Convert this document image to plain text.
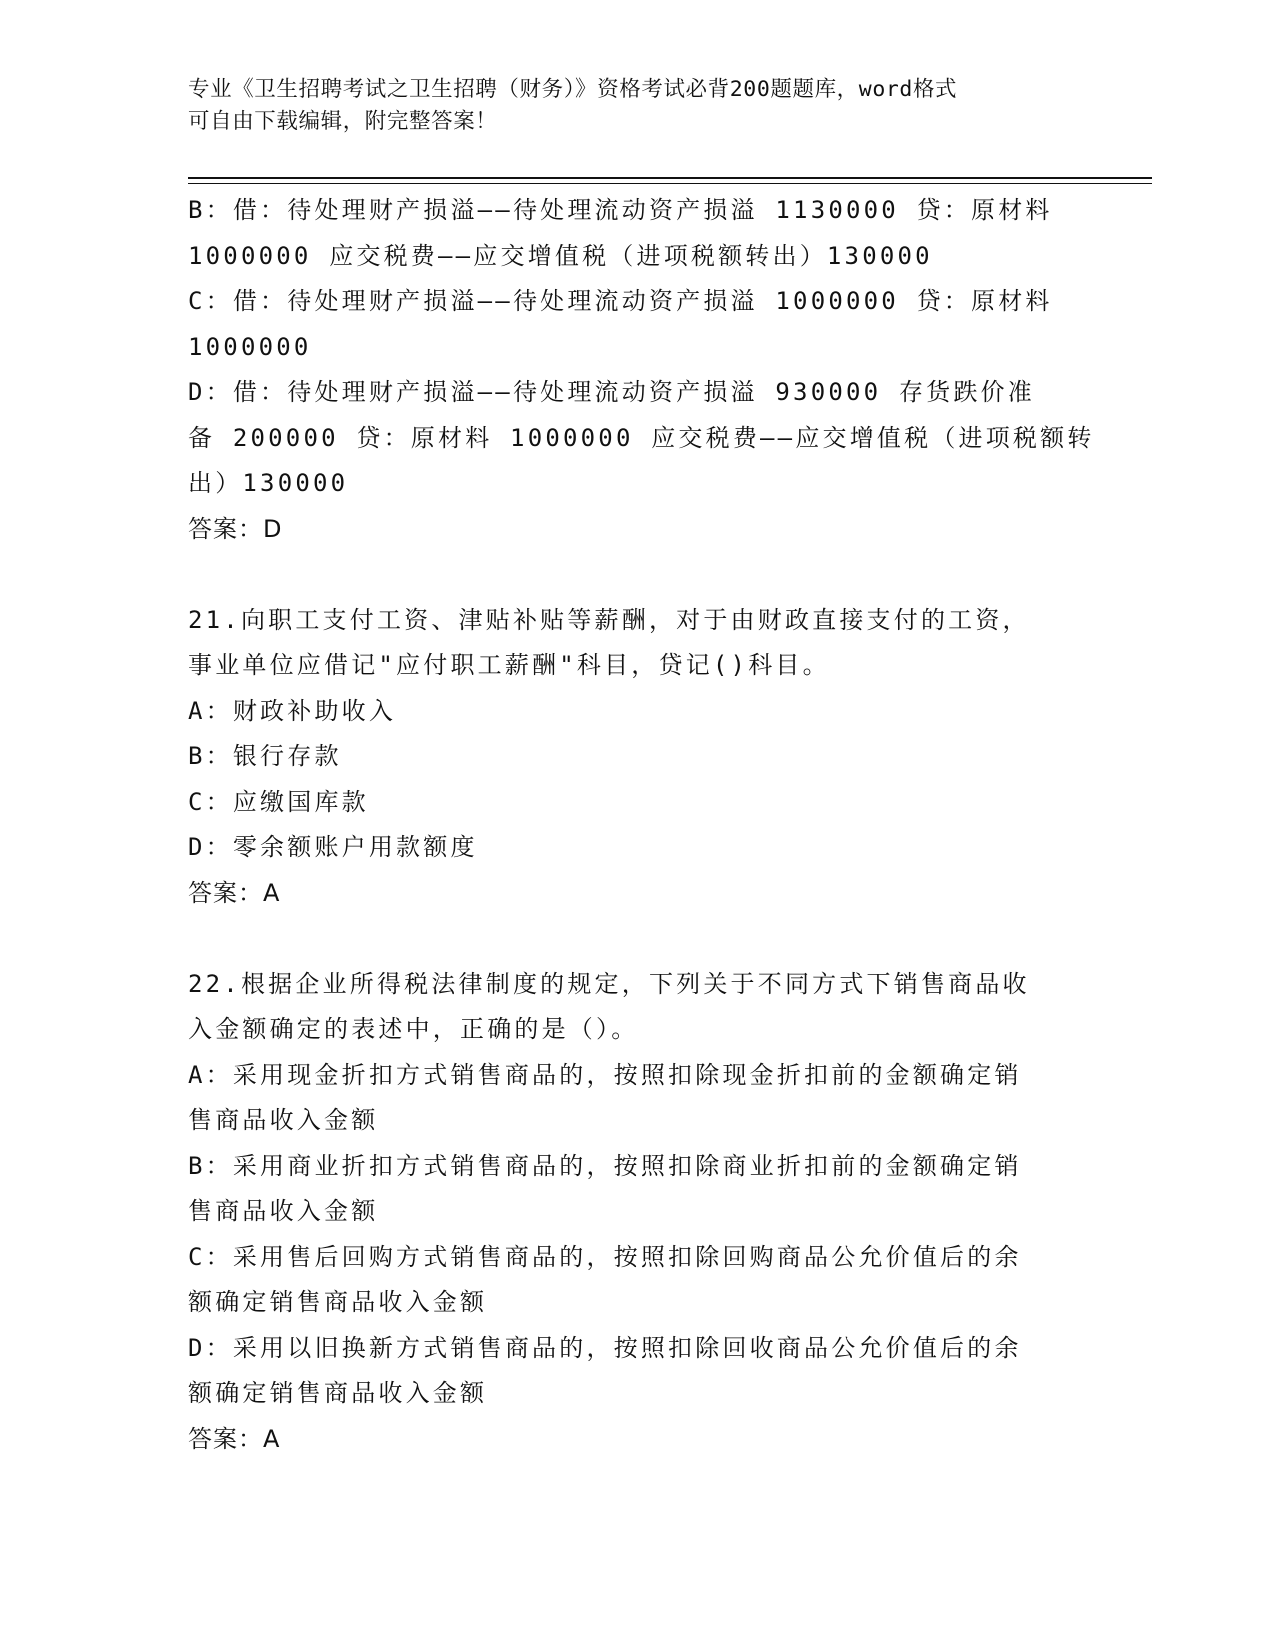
专业《卫生招聘考试之卫生招聘（财务）》资格考试必背200题题库，word格式
可自由下载编辑，附完整答案！
B：借：待处理财产损溢——待处理流动资产损溢 1130000 贷：原材料
1000000 应交税费——应交增值税（进项税额转出）130000
C：借：待处理财产损溢——待处理流动资产损溢 1000000 贷：原材料
1000000
D：借：待处理财产损溢——待处理流动资产损溢 930000 存货跌价准
备 200000 贷：原材料 1000000 应交税费——应交增值税（进项税额转
出）130000
答案：D
21.向职工支付工资、津贴补贴等薪酬，对于由财政直接支付的工资，
事业单位应借记"应付职工薪酬"科目，贷记()科目。
A：财政补助收入
B：银行存款
C：应缴国库款
D：零余额账户用款额度
答案：A
22.根据企业所得税法律制度的规定，下列关于不同方式下销售商品收
入金额确定的表述中，正确的是（）。
A：采用现金折扣方式销售商品的，按照扣除现金折扣前的金额确定销
售商品收入金额
B：采用商业折扣方式销售商品的，按照扣除商业折扣前的金额确定销
售商品收入金额
C：采用售后回购方式销售商品的，按照扣除回购商品公允价值后的余
额确定销售商品收入金额
D：采用以旧换新方式销售商品的，按照扣除回收商品公允价值后的余
额确定销售商品收入金额
答案：A
